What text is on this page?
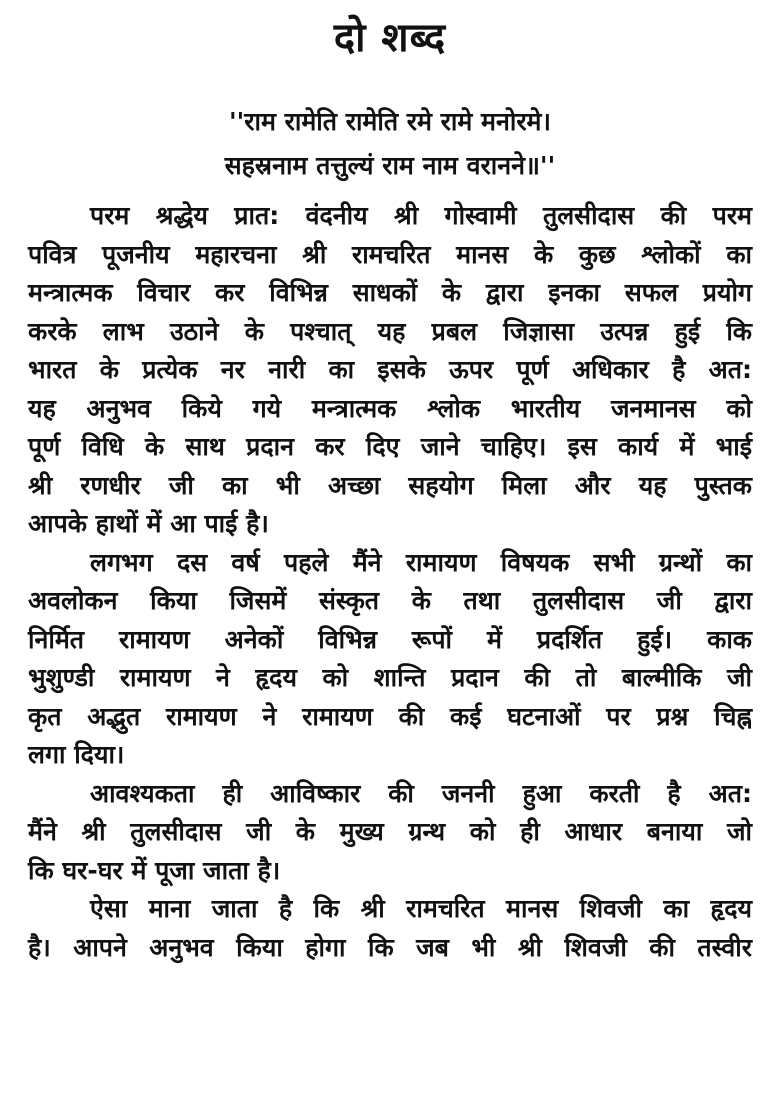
दो शब्द
''राम रामेति रामेति रमे रामे मनोरमे।
सहस्रनाम तत्तुल्यं राम नाम वरानने॥''
परम श्रद्धेय प्रात: वंदनीय श्री गोस्वामी तुलसीदास की परम
पवित्र पूजनीय महारचना श्री रामचरित मानस के कुछ श्लोकों का
मन्त्रात्मक विचार कर विभिन्न साधकों के द्वारा इनका सफल प्रयोग
करके लाभ उठाने के पश्चात् यह प्रबल जिज्ञासा उत्पन्न हुई कि
भारत के प्रत्येक नर नारी का इसके ऊपर पूर्ण अधिकार है अत:
यह अनुभव किये गये मन्त्रात्मक श्लोक भारतीय जनमानस को
पूर्ण विधि के साथ प्रदान कर दिए जाने चाहिए। इस कार्य में भाई
श्री रणधीर जी का भी अच्छा सहयोग मिला और यह पुस्तक
आपके हाथों में आ पाई है।
लगभग दस वर्ष पहले मैंने रामायण विषयक सभी ग्रन्थों का
अवलोकन किया जिसमें संस्कृत के तथा तुलसीदास जी द्वारा
निर्मित रामायण अनेकों विभिन्न रूपों में प्रदर्शित हुई। काक
भुशुण्डी रामायण ने हृदय को शान्ति प्रदान की तो बाल्मीकि जी
कृत अद्भुत रामायण ने रामायण की कई घटनाओं पर प्रश्न चिह्न
लगा दिया।
आवश्यकता ही आविष्कार की जननी हुआ करती है अत:
मैंने श्री तुलसीदास जी के मुख्य ग्रन्थ को ही आधार बनाया जो
कि घर-घर में पूजा जाता है।
ऐसा माना जाता है कि श्री रामचरित मानस शिवजी का हृदय
है। आपने अनुभव किया होगा कि जब भी श्री शिवजी की तस्वीर
